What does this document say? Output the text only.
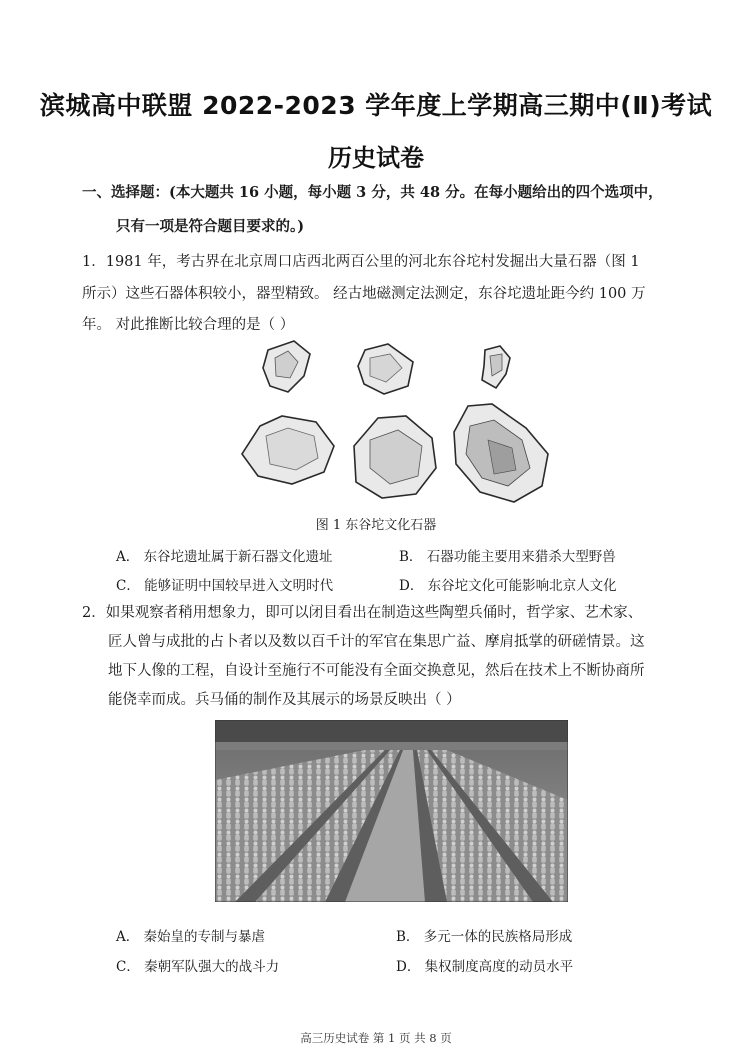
滨城高中联盟 2022-2023 学年度上学期高三期中(Ⅱ)考试
历史试卷
一、选择题：(本大题共 16 小题，每小题 3 分，共 48 分。在每小题给出的四个选项中，
只有一项是符合题目要求的。)
1．1981 年，考古界在北京周口店西北两百公里的河北东谷坨村发掘出大量石器（图 1
所示）这些石器体积较小，器型精致。 经古地磁测定法测定，东谷坨遗址距今约 100 万
年。 对此推断比较合理的是（ ）
图 1 东谷坨文化石器
A． 东谷坨遗址属于新石器文化遗址	B． 石器功能主要用来猎杀大型野兽
C． 能够证明中国较早进入文明时代	D． 东谷坨文化可能影响北京人文化
2．如果观察者稍用想象力，即可以闭目看出在制造这些陶塑兵俑时，哲学家、艺术家、
匠人曾与成批的占卜者以及数以百千计的军官在集思广益、摩肩抵掌的研磋情景。这
地下人像的工程，自设计至施行不可能没有全面交换意见，然后在技术上不断协商所
能侥幸而成。兵马俑的制作及其展示的场景反映出（ ）
A． 秦始皇的专制与暴虐	B． 多元一体的民族格局形成
C． 秦朝军队强大的战斗力	D． 集权制度高度的动员水平
高三历史试卷 第 1 页 共 8 页
